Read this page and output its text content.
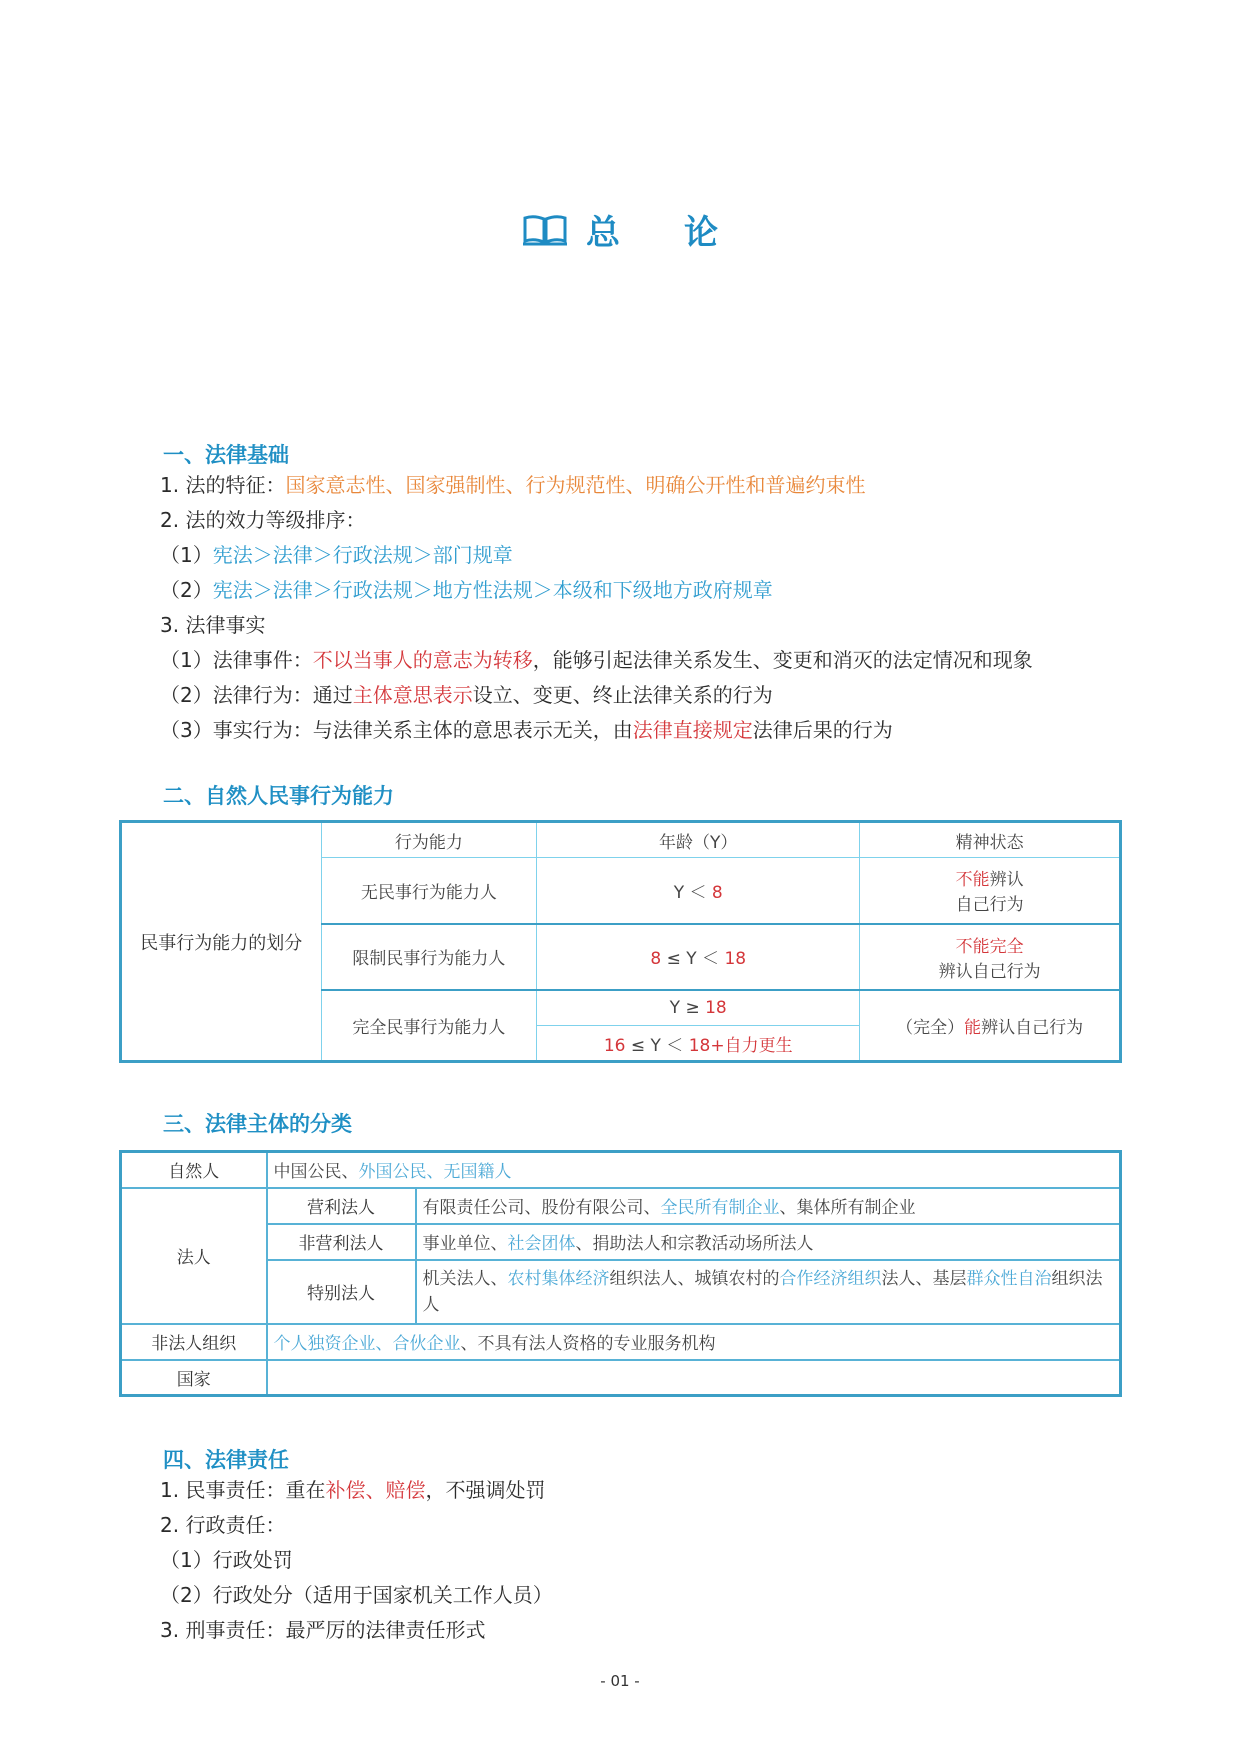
总 论
一、法律基础
1. 法的特征：国家意志性、国家强制性、行为规范性、明确公开性和普遍约束性
2. 法的效力等级排序：
（1）宪法＞法律＞行政法规＞部门规章
（2）宪法＞法律＞行政法规＞地方性法规＞本级和下级地方政府规章
3. 法律事实
（1）法律事件：不以当事人的意志为转移，能够引起法律关系发生、变更和消灭的法定情况和现象
（2）法律行为：通过主体意思表示设立、变更、终止法律关系的行为
（3）事实行为：与法律关系主体的意思表示无关，由法律直接规定法律后果的行为
二、自然人民事行为能力
民事行为能力的划分	行为能力	年龄（Y）	精神状态
	无民事行为能力人	Y ＜ 8	不能辨认
自己行为
	限制民事行为能力人	8 ≤ Y ＜ 18	不能完全
辨认自己行为
	完全民事行为能力人	Y ≥ 18	（完全）能辨认自己行为
		16 ≤ Y ＜ 18+自力更生	
三、法律主体的分类
自然人	中国公民、外国公民、无国籍人	
法人	营利法人	有限责任公司、股份有限公司、全民所有制企业、集体所有制企业
	非营利法人	事业单位、社会团体、捐助法人和宗教活动场所法人
	特别法人	机关法人、农村集体经济组织法人、城镇农村的合作经济组织法人、基层群众性自治组织法人
非法人组织	个人独资企业、合伙企业、不具有法人资格的专业服务机构	
国家		
四、法律责任
1. 民事责任：重在补偿、赔偿，不强调处罚
2. 行政责任：
（1）行政处罚
（2）行政处分（适用于国家机关工作人员）
3. 刑事责任：最严厉的法律责任形式
- 01 -
